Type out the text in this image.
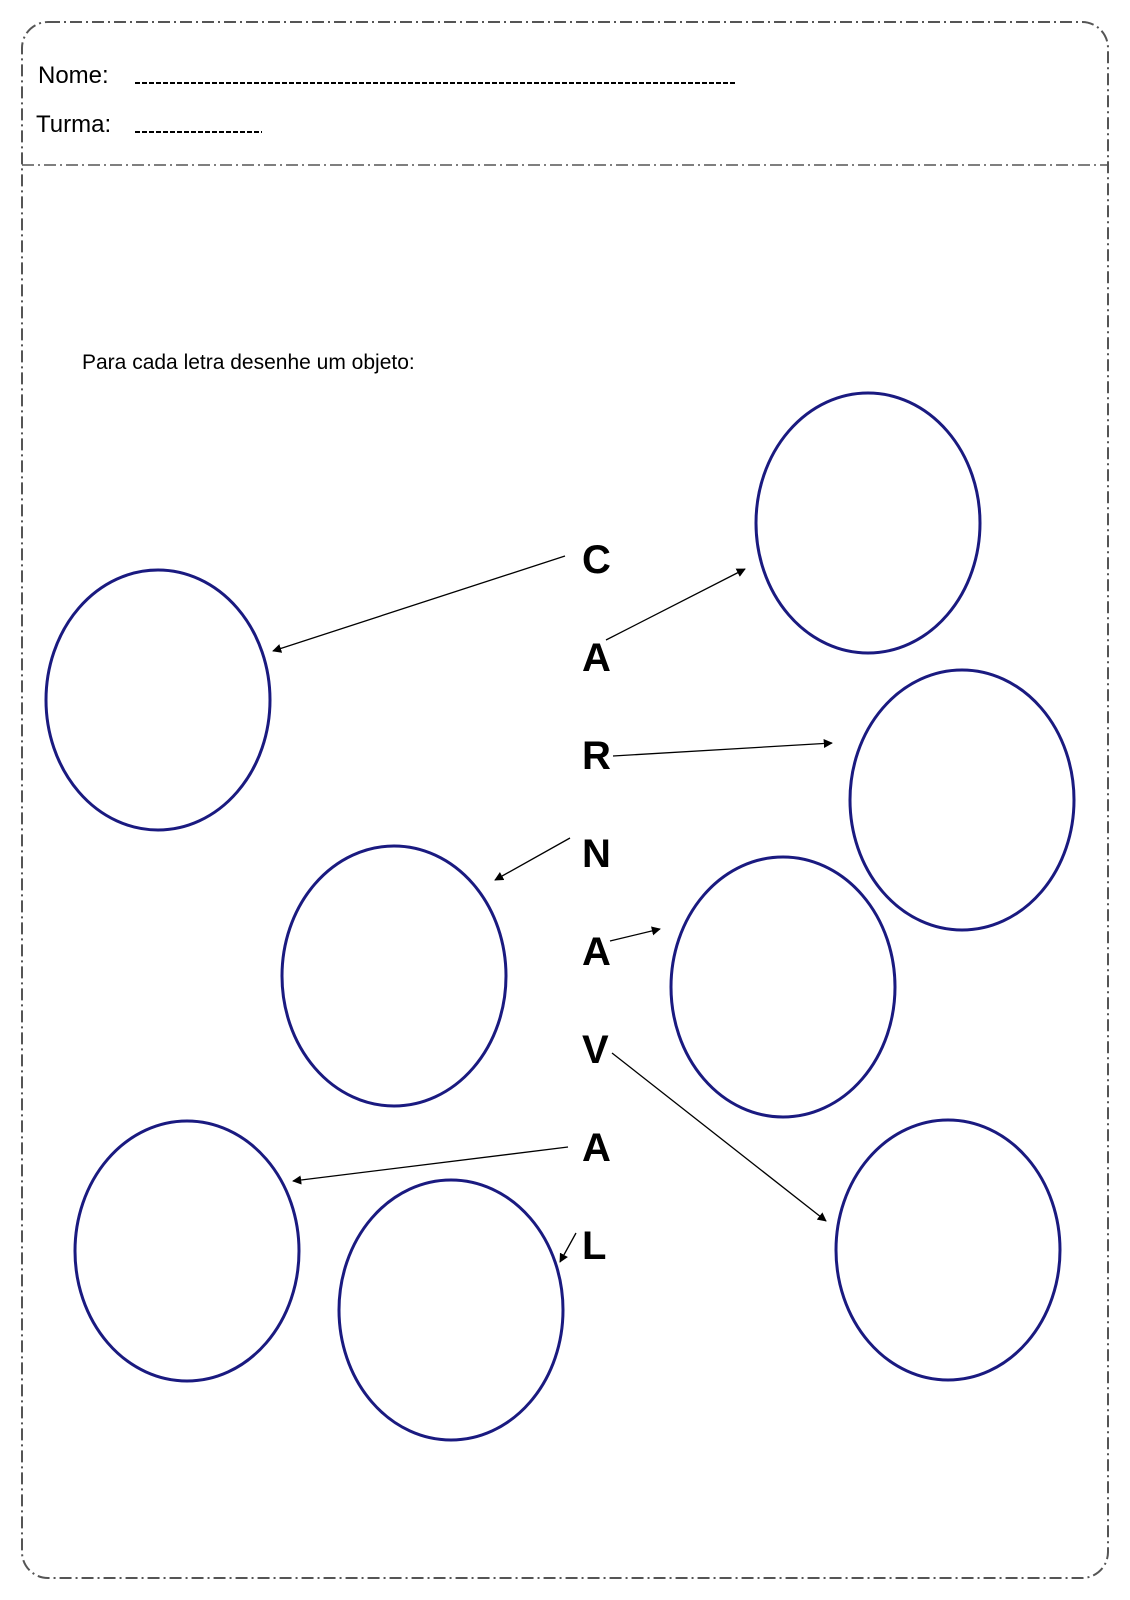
Nome:
Turma:
Para cada letra desenhe um objeto:
C
A
R
N
A
V
A
L
